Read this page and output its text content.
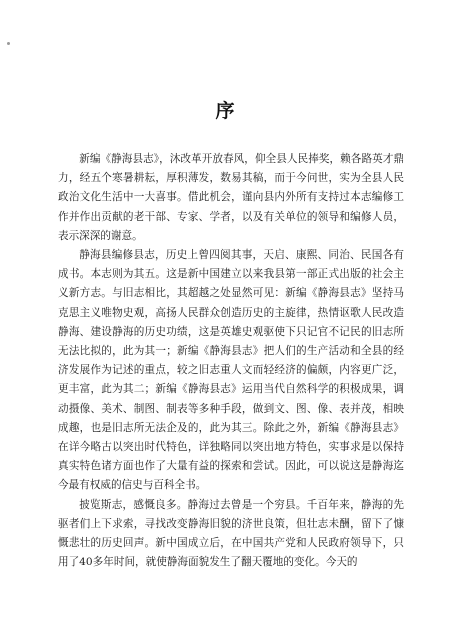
序

新编《静海县志》，沐改革开放春风，仰全县人民捧奖，赖各路英才鼎力，经五个寒暑耕耘，厚积薄发，数易其稿，而于今问世，实为全县人民政治文化生活中一大喜事。借此机会，谨向县内外所有支持过本志编修工作并作出贡献的老干部、专家、学者，以及有关单位的领导和编修人员，表示深深的谢意。

静海县编修县志，历史上曾四阅其事，天启、康熙、同治、民国各有成书。本志则为其五。这是新中国建立以来我县第一部正式出版的社会主义新方志。与旧志相比，其超越之处显然可见：新编《静海县志》坚持马克思主义唯物史观，高扬人民群众创造历史的主旋律，热情讴歌人民改造静海、建设静海的历史功绩，这是英雄史观驱使下只记官不记民的旧志所无法比拟的，此为其一；新编《静海县志》把人们的生产活动和全县的经济发展作为记述的重点，较之旧志重人文而轻经济的偏颇，内容更广泛，更丰富，此为其二；新编《静海县志》运用当代自然科学的积极成果，调动摄像、美术、制图、制表等多种手段，做到文、图、像、表并茂，相映成趣，也是旧志所无法企及的，此为其三。除此之外，新编《静海县志》在详今略古以突出时代特色，详独略同以突出地方特色，实事求是以保持真实特色诸方面也作了大量有益的探索和尝试。因此，可以说这是静海迄今最有权威的信史与百科全书。

披览斯志，感慨良多。静海过去曾是一个穷县。千百年来，静海的先驱者们上下求索，寻找改变静海旧貌的济世良策，但壮志未酬，留下了慷慨悲壮的历史回声。新中国成立后，在中国共产党和人民政府领导下，只用了40多年时间，就使静海面貌发生了翻天覆地的变化。今天的
